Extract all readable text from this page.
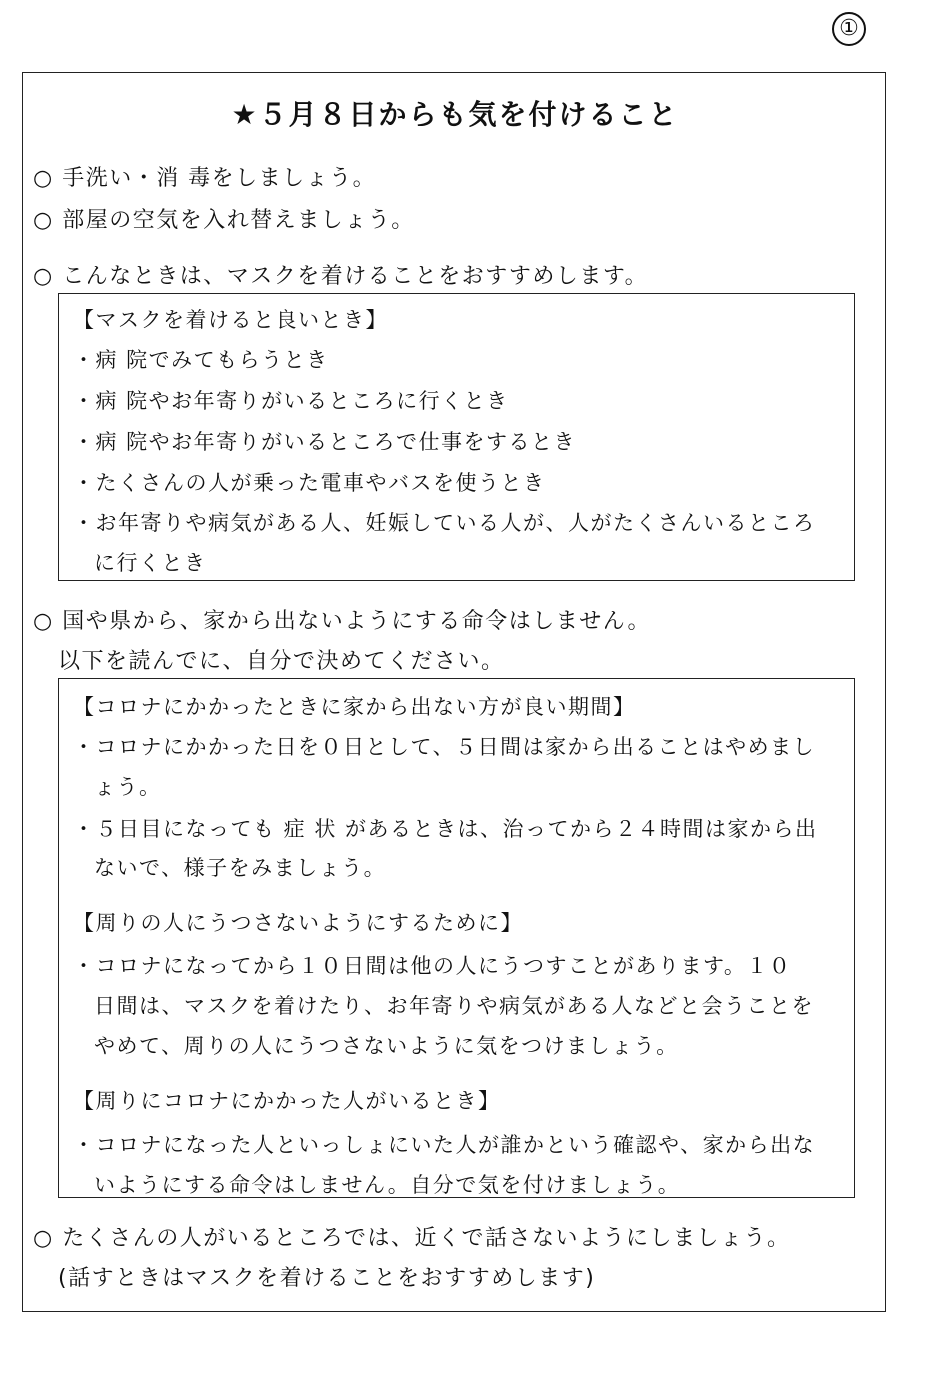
①
★５月８日からも気を付けること
○ 手洗い・消 毒をしましょう。
○ 部屋の空気を入れ替えましょう。
○ こんなときは、マスクを着けることをおすすめします。
【マスクを着けると良いとき】
・病 院でみてもらうとき
・病 院やお年寄りがいるところに行くとき
・病 院やお年寄りがいるところで仕事をするとき
・たくさんの人が乗った電車やバスを使うとき
・お年寄りや病気がある人、妊娠している人が、人がたくさんいるところ
に行くとき
○ 国や県から、家から出ないようにする命令はしません。
以下を読んでに、自分で決めてください。
【コロナにかかったときに家から出ない方が良い期間】
・コロナにかかった日を０日として、５日間は家から出ることはやめまし
ょう。
・５日目になっても 症 状 があるときは、治ってから２４時間は家から出
ないで、様子をみましょう。
【周りの人にうつさないようにするために】
・コロナになってから１０日間は他の人にうつすことがあります。１０
日間は、マスクを着けたり、お年寄りや病気がある人などと会うことを
やめて、周りの人にうつさないように気をつけましょう。
【周りにコロナにかかった人がいるとき】
・コロナになった人といっしょにいた人が誰かという確認や、家から出な
いようにする命令はしません。自分で気を付けましょう。
○ たくさんの人がいるところでは、近くで話さないようにしましょう。
(話すときはマスクを着けることをおすすめします)
